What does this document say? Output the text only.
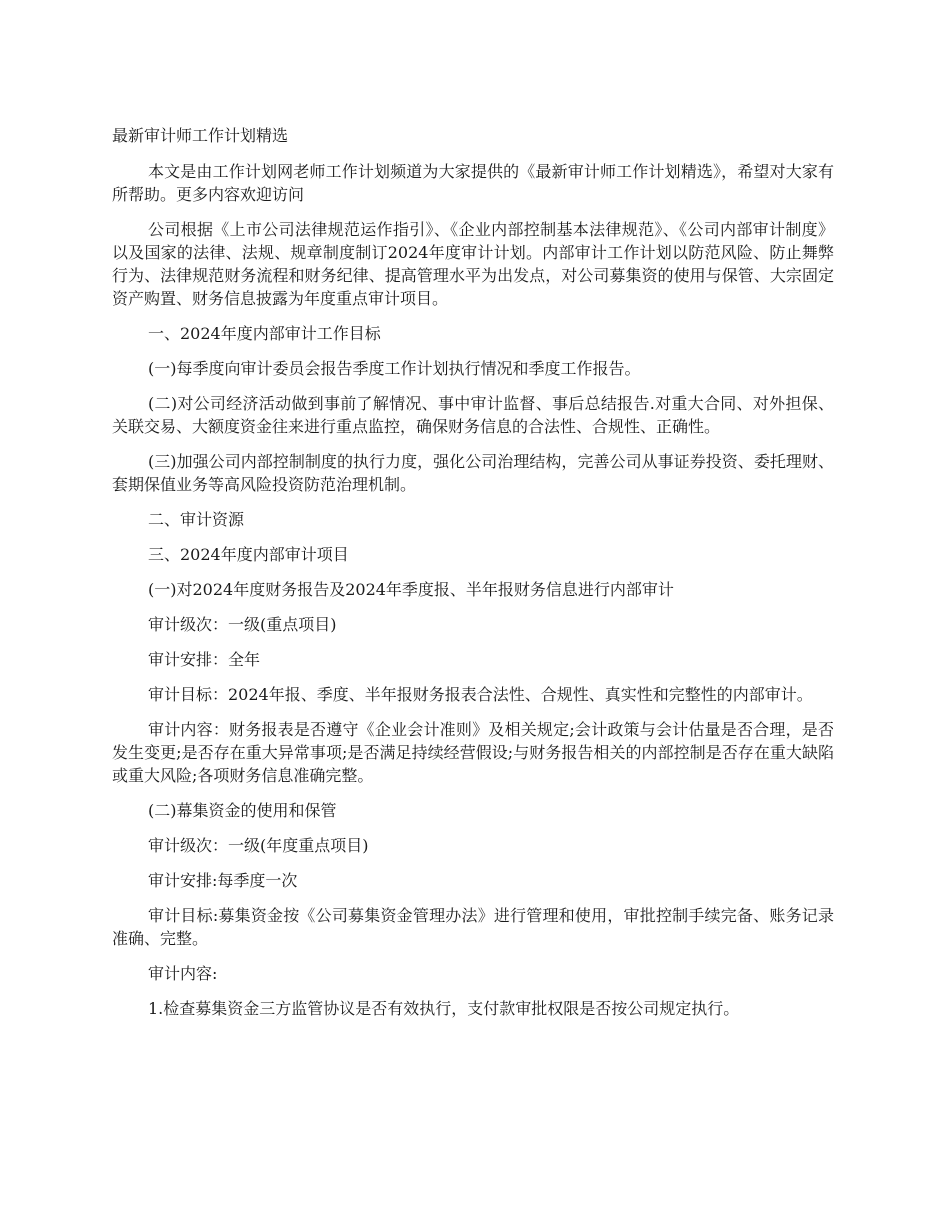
最新审计师工作计划精选

本文是由工作计划网老师工作计划频道为大家提供的《最新审计师工作计划精选》，希望对大家有所帮助。更多内容欢迎访问

公司根据《上市公司法律规范运作指引》、《企业内部控制基本法律规范》、《公司内部审计制度》以及国家的法律、法规、规章制度制订2024年度审计计划。内部审计工作计划以防范风险、防止舞弊行为、法律规范财务流程和财务纪律、提高管理水平为出发点，对公司募集资的使用与保管、大宗固定资产购置、财务信息披露为年度重点审计项目。

一、2024年度内部审计工作目标

(一)每季度向审计委员会报告季度工作计划执行情况和季度工作报告。

(二)对公司经济活动做到事前了解情况、事中审计监督、事后总结报告.对重大合同、对外担保、关联交易、大额度资金往来进行重点监控，确保财务信息的合法性、合规性、正确性。

(三)加强公司内部控制制度的执行力度，强化公司治理结构，完善公司从事证券投资、委托理财、套期保值业务等高风险投资防范治理机制。

二、审计资源

三、2024年度内部审计项目

(一)对2024年度财务报告及2024年季度报、半年报财务信息进行内部审计

审计级次：一级(重点项目)

审计安排：全年

审计目标：2024年报、季度、半年报财务报表合法性、合规性、真实性和完整性的内部审计。

审计内容：财务报表是否遵守《企业会计准则》及相关规定;会计政策与会计估量是否合理，是否发生变更;是否存在重大异常事项;是否满足持续经营假设;与财务报告相关的内部控制是否存在重大缺陷或重大风险;各项财务信息准确完整。

(二)幕集资金的使用和保管

审计级次：一级(年度重点项目)

审计安排:每季度一次

审计目标:募集资金按《公司募集资金管理办法》进行管理和使用，审批控制手续完备、账务记录准确、完整。

审计内容:

1.检查募集资金三方监管协议是否有效执行，支付款审批权限是否按公司规定执行。
